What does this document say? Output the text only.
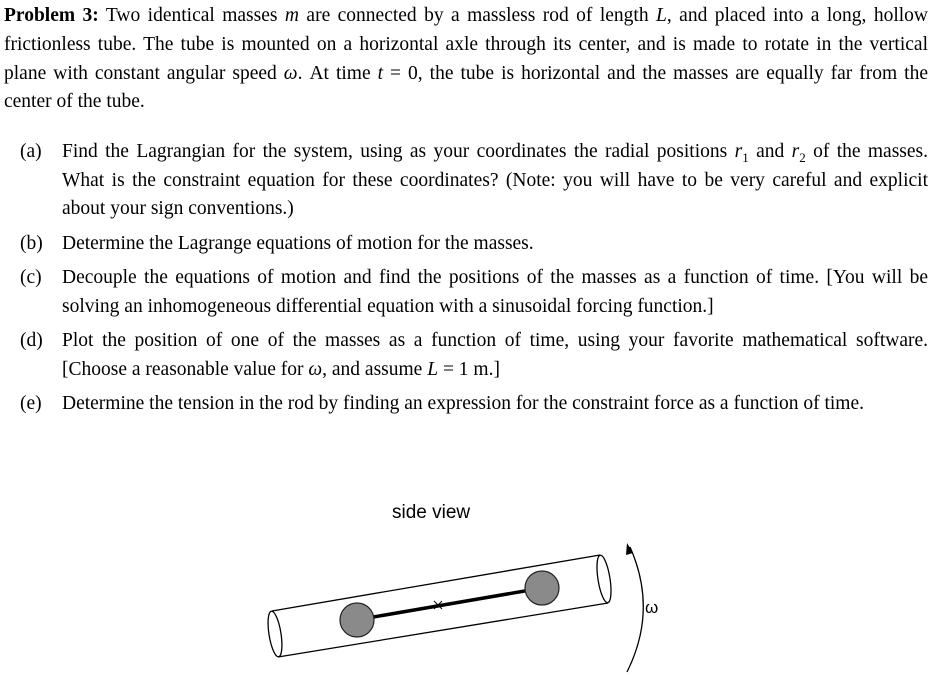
Problem 3: Two identical masses m are connected by a massless rod of length L, and placed into a long, hollow frictionless tube. The tube is mounted on a horizontal axle through its center, and is made to rotate in the vertical plane with constant angular speed ω. At time t = 0, the tube is horizontal and the masses are equally far from the center of the tube.
(a) Find the Lagrangian for the system, using as your coordinates the radial positions $r_1$ and $r_2$ of the masses. What is the constraint equation for these coordinates? (Note: you will have to be very careful and explicit about your sign conventions.)
(b) Determine the Lagrange equations of motion for the masses.
(c) Decouple the equations of motion and find the positions of the masses as a function of time. [You will be solving an inhomogeneous differential equation with a sinusoidal forcing function.]
(d) Plot the position of one of the masses as a function of time, using your favorite mathematical software. [Choose a reasonable value for ω, and assume L = 1 m.]
(e) Determine the tension in the rod by finding an expression for the constraint force as a function of time.
side view
ω
